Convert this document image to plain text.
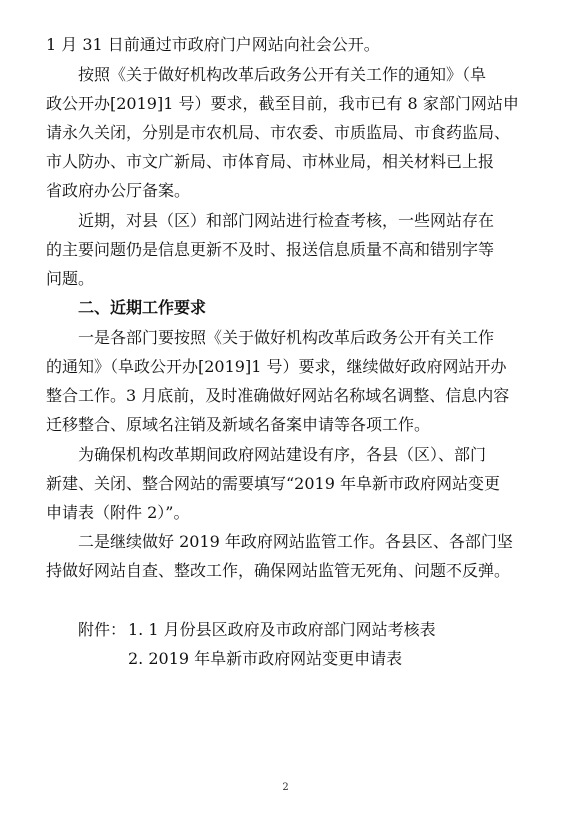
1 月 31 日前通过市政府门户网站向社会公开。
按照《关于做好机构改革后政务公开有关工作的通知》（阜
政公开办[2019]1 号）要求，截至目前，我市已有 8 家部门网站申
请永久关闭，分别是市农机局、市农委、市质监局、市食药监局、
市人防办、市文广新局、市体育局、市林业局，相关材料已上报
省政府办公厅备案。
近期，对县（区）和部门网站进行检查考核，一些网站存在
的主要问题仍是信息更新不及时、报送信息质量不高和错别字等
问题。
二、近期工作要求
一是各部门要按照《关于做好机构改革后政务公开有关工作
的通知》（阜政公开办[2019]1 号）要求，继续做好政府网站开办
整合工作。3 月底前，及时准确做好网站名称域名调整、信息内容
迁移整合、原域名注销及新域名备案申请等各项工作。
为确保机构改革期间政府网站建设有序，各县（区）、部门
新建、关闭、整合网站的需要填写“2019 年阜新市政府网站变更
申请表（附件 2）”。
二是继续做好 2019 年政府网站监管工作。各县区、各部门坚
持做好网站自查、整改工作，确保网站监管无死角、问题不反弹。
附件： 1. 1 月份县区政府及市政府部门网站考核表
2. 2019 年阜新市政府网站变更申请表
2
